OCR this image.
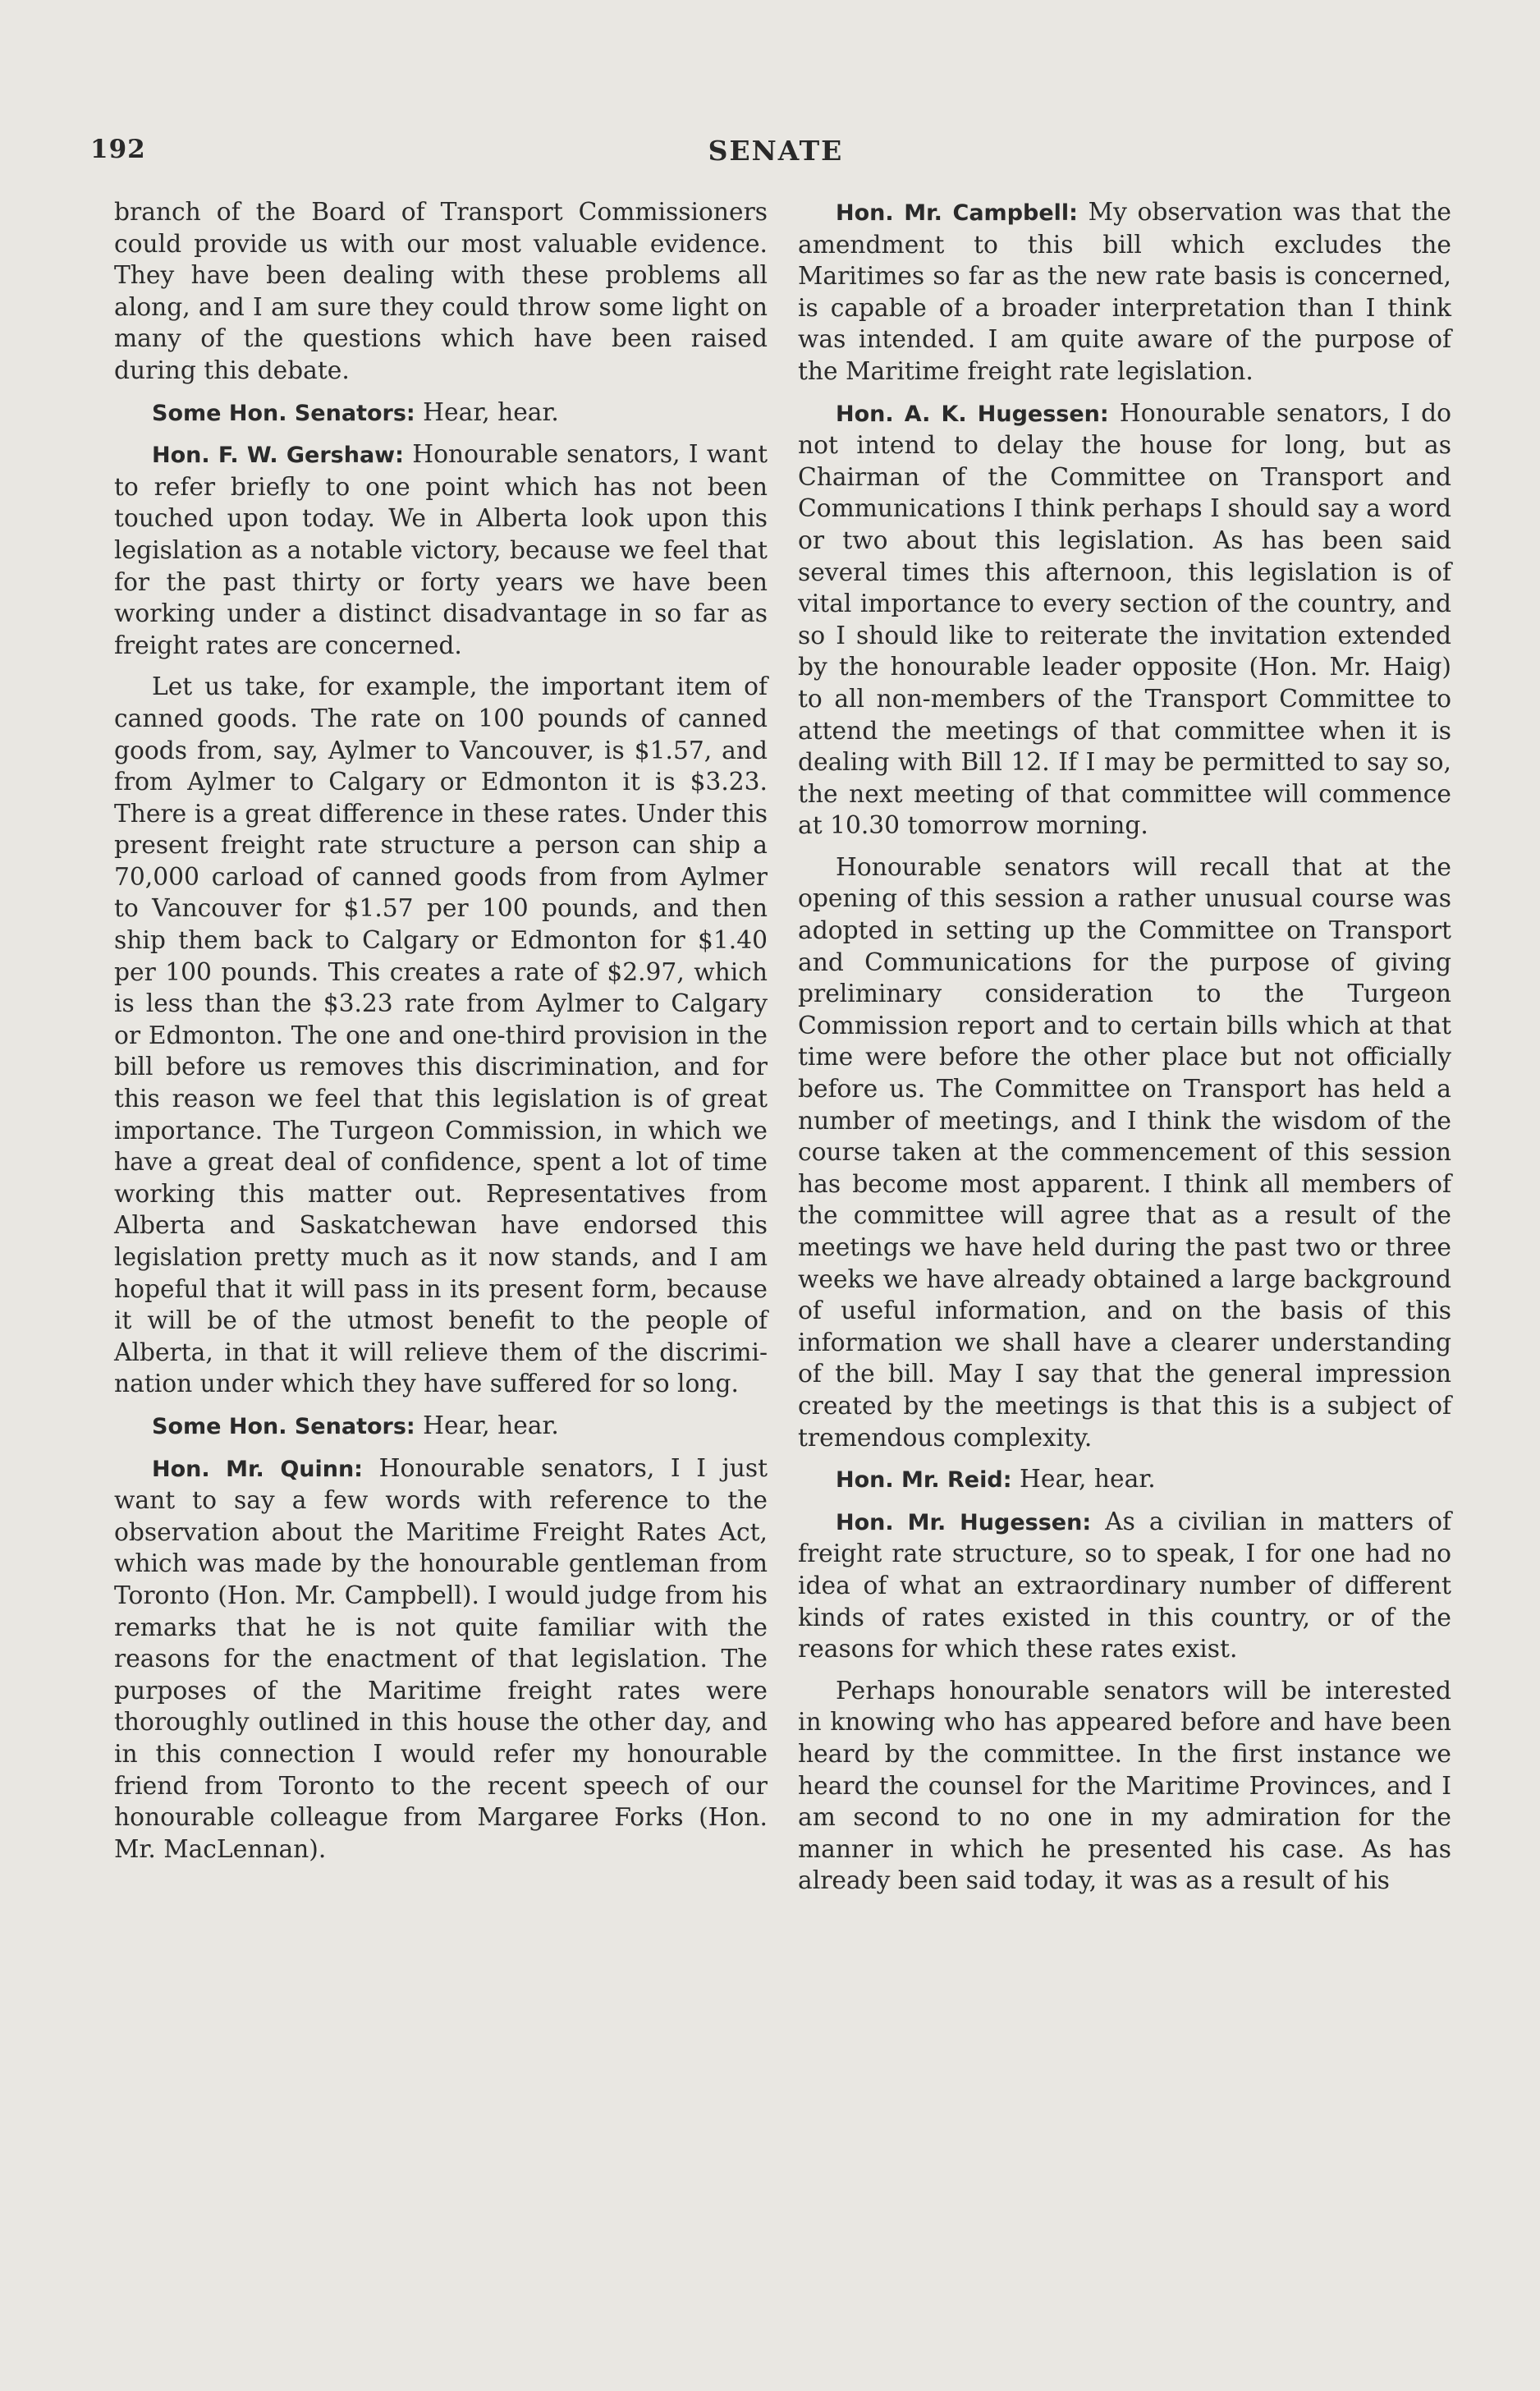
192	SENATE

branch of the Board of Transport Commissioners could provide us with our most valuable evidence. They have been dealing with these problems all along, and I am sure they could throw some light on many of the questions which have been raised during this debate.

Some Hon. Senators: Hear, hear.

Hon. F. W. Gershaw: Honourable senators, I want to refer briefly to one point which has not been touched upon today. We in Alberta look upon this legislation as a notable victory, because we feel that for the past thirty or forty years we have been working under a distinct disadvantage in so far as freight rates are concerned.

Let us take, for example, the important item of canned goods. The rate on 100 pounds of canned goods from, say, Aylmer to Vancouver, is $1.57, and from Aylmer to Calgary or Edmonton it is $3.23. There is a great difference in these rates. Under this present freight rate structure a person can ship a 70,000 carload of canned goods from from Aylmer to Vancouver for $1.57 per 100 pounds, and then ship them back to Calgary or Edmonton for $1.40 per 100 pounds. This creates a rate of $2.97, which is less than the $3.23 rate from Aylmer to Calgary or Edmonton. The one and one-third provision in the bill before us removes this discrimination, and for this reason we feel that this legislation is of great importance. The Turgeon Commission, in which we have a great deal of confidence, spent a lot of time working this matter out. Representatives from Alberta and Saskatchewan have endorsed this legislation pretty much as it now stands, and I am hopeful that it will pass in its present form, because it will be of the utmost benefit to the people of Alberta, in that it will relieve them of the discrimination under which they have suffered for so long.

Some Hon. Senators: Hear, hear.

Hon. Mr. Quinn: Honourable senators, I I just want to say a few words with reference to the observation about the Maritime Freight Rates Act, which was made by the honourable gentleman from Toronto (Hon. Mr. Campbell). I would judge from his remarks that he is not quite familiar with the reasons for the enactment of that legislation. The purposes of the Maritime freight rates were thoroughly outlined in this house the other day, and in this connection I would refer my honourable friend from Toronto to the recent speech of our honourable colleague from Margaree Forks (Hon. Mr. MacLennan).

Hon. Mr. Campbell: My observation was that the amendment to this bill which excludes the Maritimes so far as the new rate basis is concerned, is capable of a broader interpretation than I think was intended. I am quite aware of the purpose of the Maritime freight rate legislation.

Hon. A. K. Hugessen: Honourable senators, I do not intend to delay the house for long, but as Chairman of the Committee on Transport and Communications I think perhaps I should say a word or two about this legislation. As has been said several times this afternoon, this legislation is of vital importance to every section of the country, and so I should like to reiterate the invitation extended by the honourable leader opposite (Hon. Mr. Haig) to all non-members of the Transport Committee to attend the meetings of that committee when it is dealing with Bill 12. If I may be permitted to say so, the next meeting of that committee will commence at 10.30 tomorrow morning.

Honourable senators will recall that at the opening of this session a rather unusual course was adopted in setting up the Committee on Transport and Communications for the purpose of giving preliminary consideration to the Turgeon Commission report and to certain bills which at that time were before the other place but not officially before us. The Committee on Transport has held a number of meetings, and I think the wisdom of the course taken at the commencement of this session has become most apparent. I think all members of the committee will agree that as a result of the meetings we have held during the past two or three weeks we have already obtained a large background of useful information, and on the basis of this information we shall have a clearer understanding of the bill. May I say that the general impression created by the meetings is that this is a subject of tremendous complexity.

Hon. Mr. Reid: Hear, hear.

Hon. Mr. Hugessen: As a civilian in matters of freight rate structure, so to speak, I for one had no idea of what an extraordinary number of different kinds of rates existed in this country, or of the reasons for which these rates exist.

Perhaps honourable senators will be interested in knowing who has appeared before and have been heard by the committee. In the first instance we heard the counsel for the Maritime Provinces, and I am second to no one in my admiration for the manner in which he presented his case. As has already been said today, it was as a result of his
